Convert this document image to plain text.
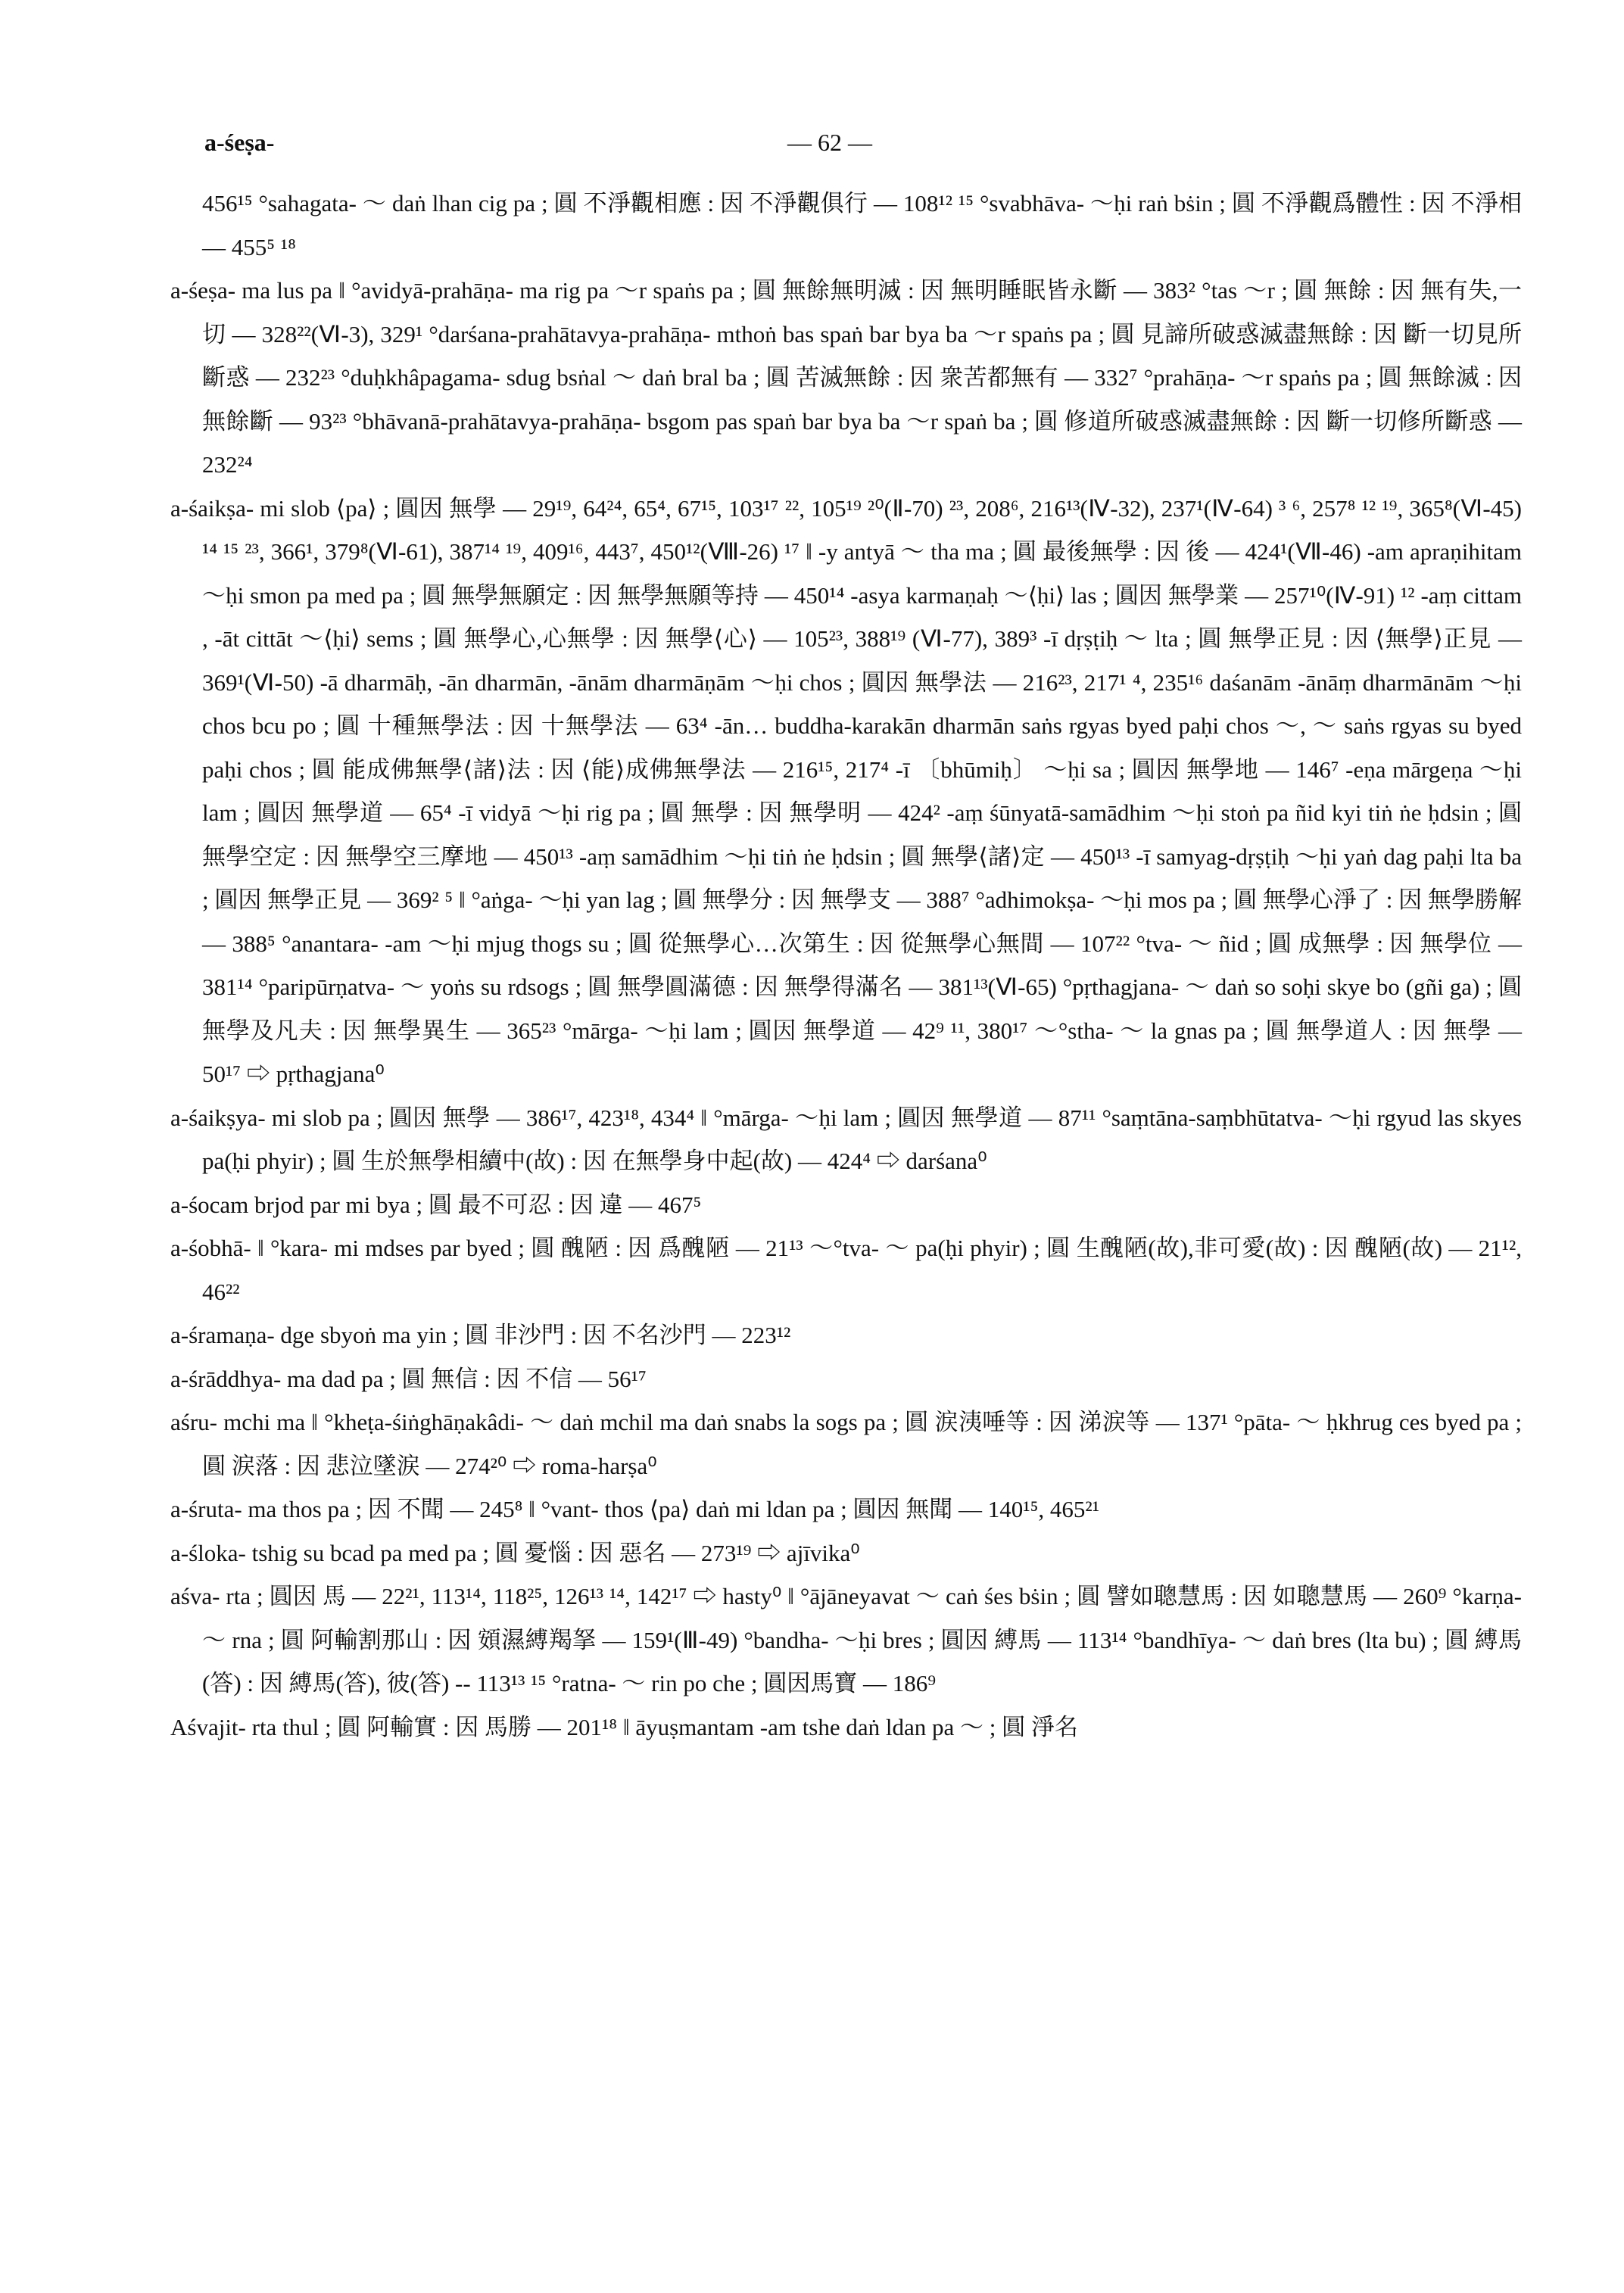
a-śeṣa-	— 62 —

456¹⁵ °sahagata- ～ daṅ lhan cig pa ; 圓 不淨觀相應 : 因 不淨觀俱行 — 108¹² ¹⁵ °svabhāva- ～ḥi raṅ bṡin ; 圓 不淨觀爲體性 : 因 不淨相 — 455⁵ ¹⁸

a-śeṣa- ma lus pa ‖ °avidyā-prahāṇa- ma rig pa ～r spaṅs pa ; 圓 無餘無明滅 : 因 無明睡眠皆永斷 — 383² °tas ～r ; 圓 無餘 : 因 無有失,一切 — 328²²(Ⅵ-3), 329¹ °darśana-prahātavya-prahāṇa- mthoṅ bas spaṅ bar bya ba ～r spaṅs pa ; 圓 見諦所破惑滅盡無餘 : 因 斷一切見所斷惑 — 232²³ °duḥkhâpagama- sdug bsṅal ～ daṅ bral ba ; 圓 苦滅無餘 : 因 衆苦都無有 — 332⁷ °prahāṇa- ～r spaṅs pa ; 圓 無餘滅 : 因 無餘斷 — 93²³ °bhāvanā-prahātavya-prahāṇa- bsgom pas spaṅ bar bya ba ～r spaṅ ba ; 圓 修道所破惑滅盡無餘 : 因 斷一切修所斷惑 — 232²⁴

a-śaikṣa- mi slob ⟨pa⟩ ; 圓因 無學 — 29¹⁹, 64²⁴, 65⁴, 67¹⁵, 103¹⁷ ²², 105¹⁹ ²⁰(Ⅱ-70) ²³, 208⁶, 216¹³(Ⅳ-32), 237¹(Ⅳ-64) ³ ⁶, 257⁸ ¹² ¹⁹, 365⁸(Ⅵ-45) ¹⁴ ¹⁵ ²³, 366¹, 379⁸(Ⅵ-61), 387¹⁴ ¹⁹, 409¹⁶, 443⁷, 450¹²(Ⅷ-26) ¹⁷ ‖ -y antyā ～ tha ma ; 圓 最後無學 : 因 後 — 424¹(Ⅶ-46) -am apraṇihitam ～ḥi smon pa med pa ; 圓 無學無願定 : 因 無學無願等持 — 450¹⁴ -asya karmaṇaḥ ～⟨ḥi⟩ las ; 圓因 無學業 — 257¹⁰(Ⅳ-91) ¹² -aṃ cittam , -āt cittāt ～⟨ḥi⟩ sems ; 圓 無學心,心無學 : 因 無學⟨心⟩ — 105²³, 388¹⁹ (Ⅵ-77), 389³ -ī dṛṣṭiḥ ～ lta ; 圓 無學正見 : 因 ⟨無學⟩正見 — 369¹(Ⅵ-50) -ā dharmāḥ, -ān dharmān, -ānām dharmāṇām ～ḥi chos ; 圓因 無學法 — 216²³, 217¹ ⁴, 235¹⁶ daśanām -ānāṃ dharmānām ～ḥi chos bcu po ; 圓 十種無學法 : 因 十無學法 — 63⁴ -ān… buddha-karakān dharmān saṅs rgyas byed paḥi chos ～, ～ saṅs rgyas su byed paḥi chos ; 圓 能成佛無學⟨諸⟩法 : 因 ⟨能⟩成佛無學法 — 216¹⁵, 217⁴ -ī 〔bhūmiḥ〕 ～ḥi sa ; 圓因 無學地 — 146⁷ -eṇa mārgeṇa ～ḥi lam ; 圓因 無學道 — 65⁴ -ī vidyā ～ḥi rig pa ; 圓 無學 : 因 無學明 — 424² -aṃ śūnyatā-samādhim ～ḥi stoṅ pa ñid kyi tiṅ ṅe ḥdsin ; 圓 無學空定 : 因 無學空三摩地 — 450¹³ -aṃ samādhim ～ḥi tiṅ ṅe ḥdsin ; 圓 無學⟨諸⟩定 — 450¹³ -ī samyag-dṛṣṭiḥ ～ḥi yaṅ dag paḥi lta ba ; 圓因 無學正見 — 369² ⁵ ‖ °aṅga- ～ḥi yan lag ; 圓 無學分 : 因 無學支 — 388⁷ °adhimokṣa- ～ḥi mos pa ; 圓 無學心淨了 : 因 無學勝解 — 388⁵ °anantara- -am ～ḥi mjug thogs su ; 圓 從無學心…次第生 : 因 從無學心無間 — 107²² °tva- ～ ñid ; 圓 成無學 : 因 無學位 — 381¹⁴ °paripūrṇatva- ～ yoṅs su rdsogs ; 圓 無學圓滿德 : 因 無學得滿名 — 381¹³(Ⅵ-65) °pṛthagjana- ～ daṅ so soḥi skye bo (gñi ga) ; 圓 無學及凡夫 : 因 無學異生 — 365²³ °mārga- ～ḥi lam ; 圓因 無學道 — 42⁹ ¹¹, 380¹⁷ ～°stha- ～ la gnas pa ; 圓 無學道人 : 因 無學 — 50¹⁷ ⇨ pṛthagjana⁰

a-śaikṣya- mi slob pa ; 圓因 無學 — 386¹⁷, 423¹⁸, 434⁴ ‖ °mārga- ～ḥi lam ; 圓因 無學道 — 87¹¹ °saṃtāna-saṃbhūtatva- ～ḥi rgyud las skyes pa(ḥi phyir) ; 圓 生於無學相續中(故) : 因 在無學身中起(故) — 424⁴ ⇨ darśana⁰

a-śocam brjod par mi bya ; 圓 最不可忍 : 因 違 — 467⁵

a-śobhā- ‖ °kara- mi mdses par byed ; 圓 醜陋 : 因 爲醜陋 — 21¹³ ～°tva- ～ pa(ḥi phyir) ; 圓 生醜陋(故),非可愛(故) : 因 醜陋(故) — 21¹², 46²²

a-śramaṇa- dge sbyoṅ ma yin ; 圓 非沙門 : 因 不名沙門 — 223¹²

a-śrāddhya- ma dad pa ; 圓 無信 : 因 不信 — 56¹⁷

aśru- mchi ma ‖ °kheṭa-śiṅghāṇakâdi- ～ daṅ mchil ma daṅ snabs la sogs pa ; 圓 涙洟唾等 : 因 涕涙等 — 137¹ °pāta- ～ ḥkhrug ces byed pa ; 圓 涙落 : 因 悲泣墜涙 — 274²⁰ ⇨ roma-harṣa⁰

a-śruta- ma thos pa ; 因 不聞 — 245⁸ ‖ °vant- thos ⟨pa⟩ daṅ mi ldan pa ; 圓因 無聞 — 140¹⁵, 465²¹

a-śloka- tshig su bcad pa med pa ; 圓 憂惱 : 因 惡名 — 273¹⁹ ⇨ ajīvika⁰

aśva- rta ; 圓因 馬 — 22²¹, 113¹⁴, 118²⁵, 126¹³ ¹⁴, 142¹⁷ ⇨ hasty⁰ ‖ °ājāneyavat ～ caṅ śes bṡin ; 圓 譬如聰慧馬 : 因 如聰慧馬 — 260⁹ °karṇa- ～ rna ; 圓 阿輸割那山 : 因 頞濕縛羯拏 — 159¹(Ⅲ-49) °bandha- ～ḥi bres ; 圓因 縛馬 — 113¹⁴ °bandhīya- ～ daṅ bres (lta bu) ; 圓 縛馬(答) : 因 縛馬(答), 彼(答) -- 113¹³ ¹⁵ °ratna- ～ rin po che ; 圓因馬寶 — 186⁹

Aśvajit- rta thul ; 圓 阿輸實 : 因 馬勝 — 201¹⁸ ‖ āyuṣmantam -am tshe daṅ ldan pa ～ ; 圓 淨名
